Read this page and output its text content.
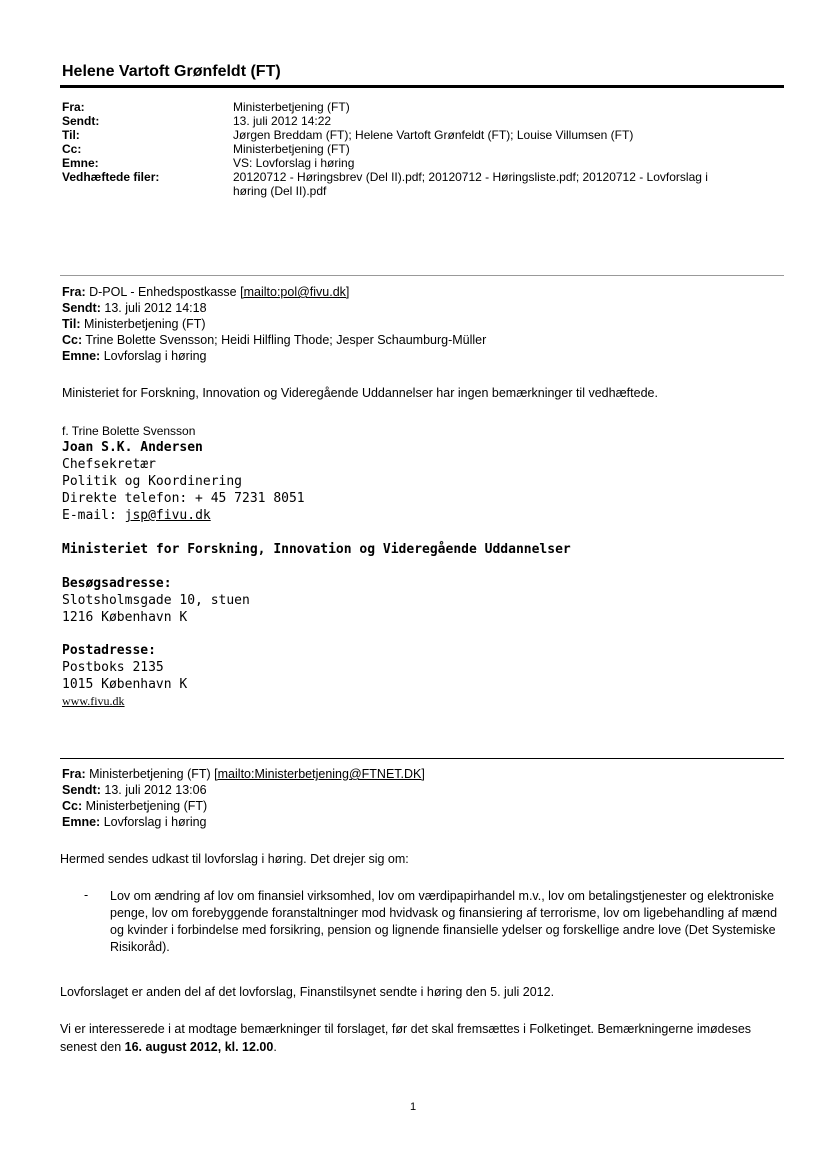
Helene Vartoft Grønfeldt (FT)
Fra:	Ministerbetjening (FT)
Sendt:	13. juli 2012 14:22
Til:	Jørgen Breddam (FT); Helene Vartoft Grønfeldt (FT); Louise Villumsen (FT)
Cc:	Ministerbetjening (FT)
Emne:	VS: Lovforslag i høring
Vedhæftede filer:	20120712 - Høringsbrev (Del II).pdf; 20120712 - Høringsliste.pdf; 20120712 - Lovforslag i
høring (Del II).pdf
Fra: D-POL - Enhedspostkasse [mailto:pol@fivu.dk]
Sendt: 13. juli 2012 14:18
Til: Ministerbetjening (FT)
Cc: Trine Bolette Svensson; Heidi Hilfling Thode; Jesper Schaumburg-Müller
Emne: Lovforslag i høring
Ministeriet for Forskning, Innovation og Videregående Uddannelser har ingen bemærkninger til vedhæftede.
f. Trine Bolette Svensson
Joan S.K. Andersen
Chefsekretær
Politik og Koordinering
Direkte telefon: + 45 7231 8051
E-mail: jsp@fivu.dk
Ministeriet for Forskning, Innovation og Videregående Uddannelser
Besøgsadresse:
Slotsholmsgade 10, stuen
1216 København K
Postadresse:
Postboks 2135
1015 København K
www.fivu.dk
Fra: Ministerbetjening (FT) [mailto:Ministerbetjening@FTNET.DK]
Sendt: 13. juli 2012 13:06
Cc: Ministerbetjening (FT)
Emne: Lovforslag i høring
Hermed sendes udkast til lovforslag i høring. Det drejer sig om:
- Lov om ændring af lov om finansiel virksomhed, lov om værdipapirhandel m.v., lov om betalingstjenester og elektroniske penge, lov om forebyggende foranstaltninger mod hvidvask og finansiering af terrorisme, lov om ligebehandling af mænd og kvinder i forbindelse med forsikring, pension og lignende finansielle ydelser og forskellige andre love (Det Systemiske Risikoråd).
Lovforslaget er anden del af det lovforslag, Finanstilsynet sendte i høring den 5. juli 2012.
Vi er interesserede i at modtage bemærkninger til forslaget, før det skal fremsættes i Folketinget. Bemærkningerne imødeses senest den 16. august 2012, kl. 12.00.
1
